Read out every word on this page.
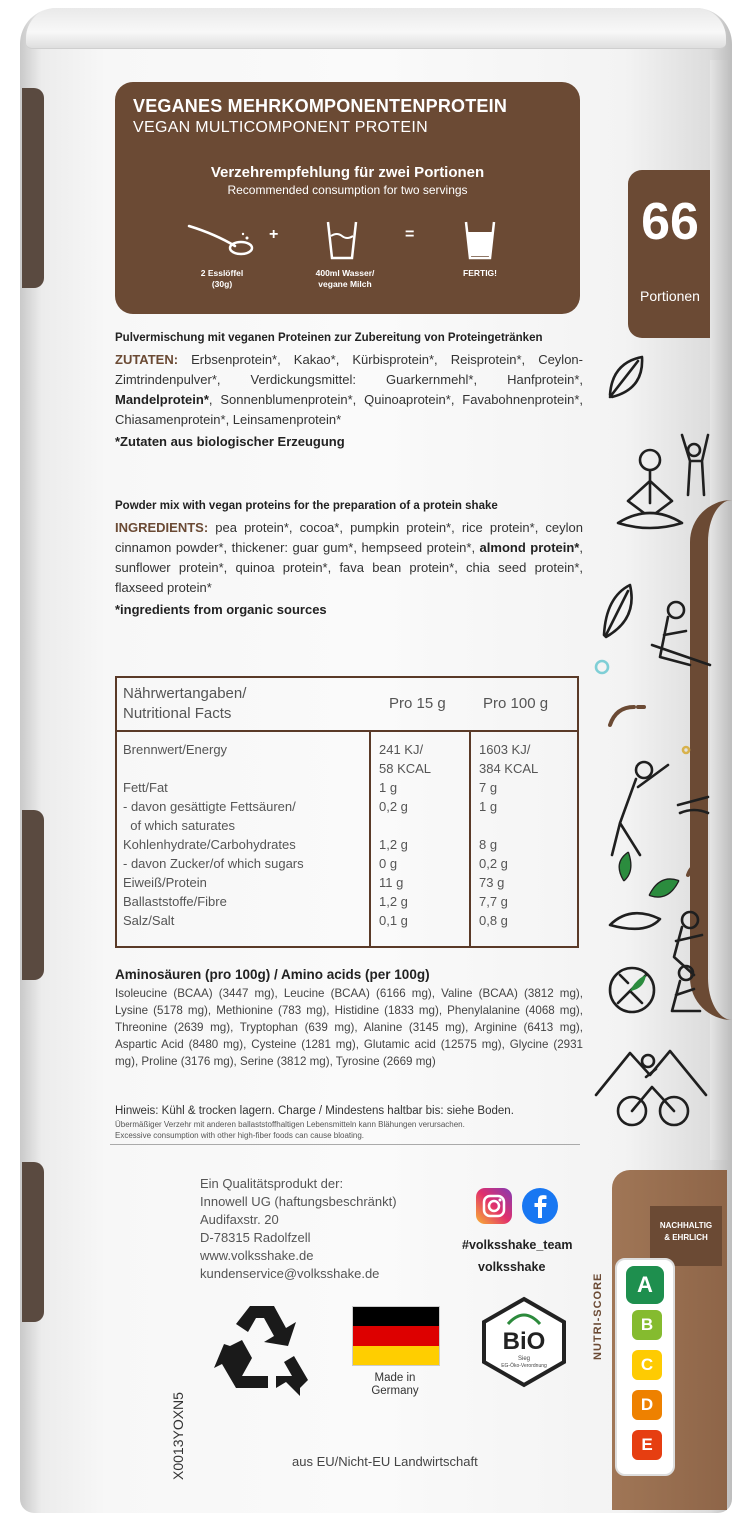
VEGANES MEHRKOMPONENTENPROTEIN
VEGAN MULTICOMPONENT PROTEIN
Verzehrempfehlung für zwei Portionen
Recommended consumption for two servings
+	=
2 Esslöffel
(30g)
400ml Wasser/
vegane Milch
FERTIG!
66
Portionen
Pulvermischung mit veganen Proteinen zur Zubereitung von Proteingetränken
ZUTATEN: Erbsenprotein*, Kakao*, Kürbisprotein*, Reisprotein*, Ceylon-Zimtrindenpulver*, Verdickungsmittel: Guarkernmehl*, Hanfprotein*, Mandelprotein*, Sonnenblumenprotein*, Quinoaprotein*, Favabohnenprotein*, Chiasamenprotein*, Leinsamenprotein*
*Zutaten aus biologischer Erzeugung
Powder mix with vegan proteins for the preparation of a protein shake
INGREDIENTS: pea protein*, cocoa*, pumpkin protein*, rice protein*, ceylon cinnamon powder*, thickener: guar gum*, hempseed protein*, almond protein*, sunflower protein*, quinoa protein*, fava bean protein*, chia seed protein*, flaxseed protein*
*ingredients from organic sources
Nährwertangaben/
Nutritional Facts
Pro 15 g Pro 100 g
Brennwert/Energy
Fett/Fat
- davon gesättigte Fettsäuren/
of which saturates
Kohlenhydrate/Carbohydrates
- davon Zucker/of which sugars
Eiweiß/Protein
Ballaststoffe/Fibre
Salz/Salt
241 KJ/
58 KCAL
1 g
0,2 g
1,2 g
0 g
11 g
1,2 g
0,1 g
1603 KJ/
384 KCAL
7 g
1 g
8 g
0,2 g
73 g
7,7 g
0,8 g
Aminosäuren (pro 100g) / Amino acids (per 100g)
Isoleucine (BCAA) (3447 mg), Leucine (BCAA) (6166 mg), Valine (BCAA) (3812 mg), Lysine (5178 mg), Methionine (783 mg), Histidine (1833 mg), Phenylalanine (4068 mg), Threonine (2639 mg), Tryptophan (639 mg), Alanine (3145 mg), Arginine (6413 mg), Aspartic Acid (8480 mg), Cysteine (1281 mg), Glutamic acid (12575 mg), Glycine (2931 mg), Proline (3176 mg), Serine (3812 mg), Tyrosine (2669 mg)
Hinweis: Kühl & trocken lagern. Charge / Mindestens haltbar bis: siehe Boden.
Übermäßiger Verzehr mit anderen ballaststoffhaltigen Lebensmitteln kann Blähungen verursachen.
Excessive consumption with other high-fiber foods can cause bloating.
X0013YOXN5
Ein Qualitätsprodukt der:
Innowell UG (haftungsbeschränkt)
Audifaxstr. 20
D-78315 Radolfzell
www.volksshake.de
kundenservice@volksshake.de
#volksshake_team
volksshake
Made in
Germany
BiO
Sieg
EG-Öko-Verordnung
aus EU/Nicht-EU Landwirtschaft
NACHHALTIG
& EHRLICH
A
B
C
D
E
NUTRI-SCORE
